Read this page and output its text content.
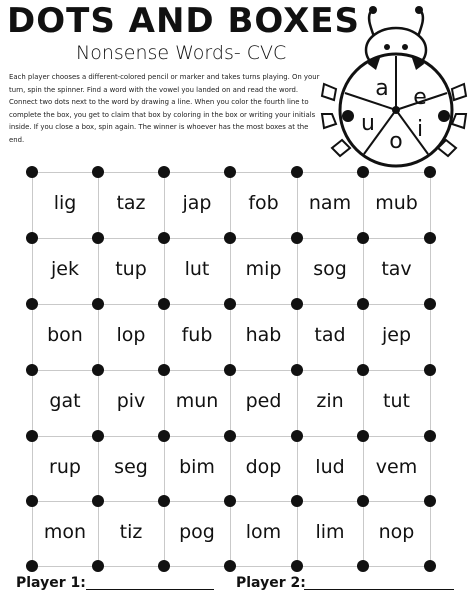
DOTS AND BOXES
Nonsense Words- CVC
Each player chooses a different-colored pencil or marker and takes turns playing. On your turn, spin the spinner. Find a word with the vowel you landed on and read the word. Connect two dots next to the word by drawing a line. When you color the fourth line to complete the box, you get to claim that box by coloring in the box or writing your initials inside. If you close a box, spin again. The winner is whoever has the most boxes at the end.
a e
i
o
u
lig	taz	jap	fob	nam	mub
jek	tup	lut	mip	sog	tav
bon	lop	fub	hab	tad	jep
gat	piv	mun	ped	zin	tut
rup	seg	bim	dop	lud	vem
mon	tiz	pog	lom	lim	nop
Player 1:	Player 2:
